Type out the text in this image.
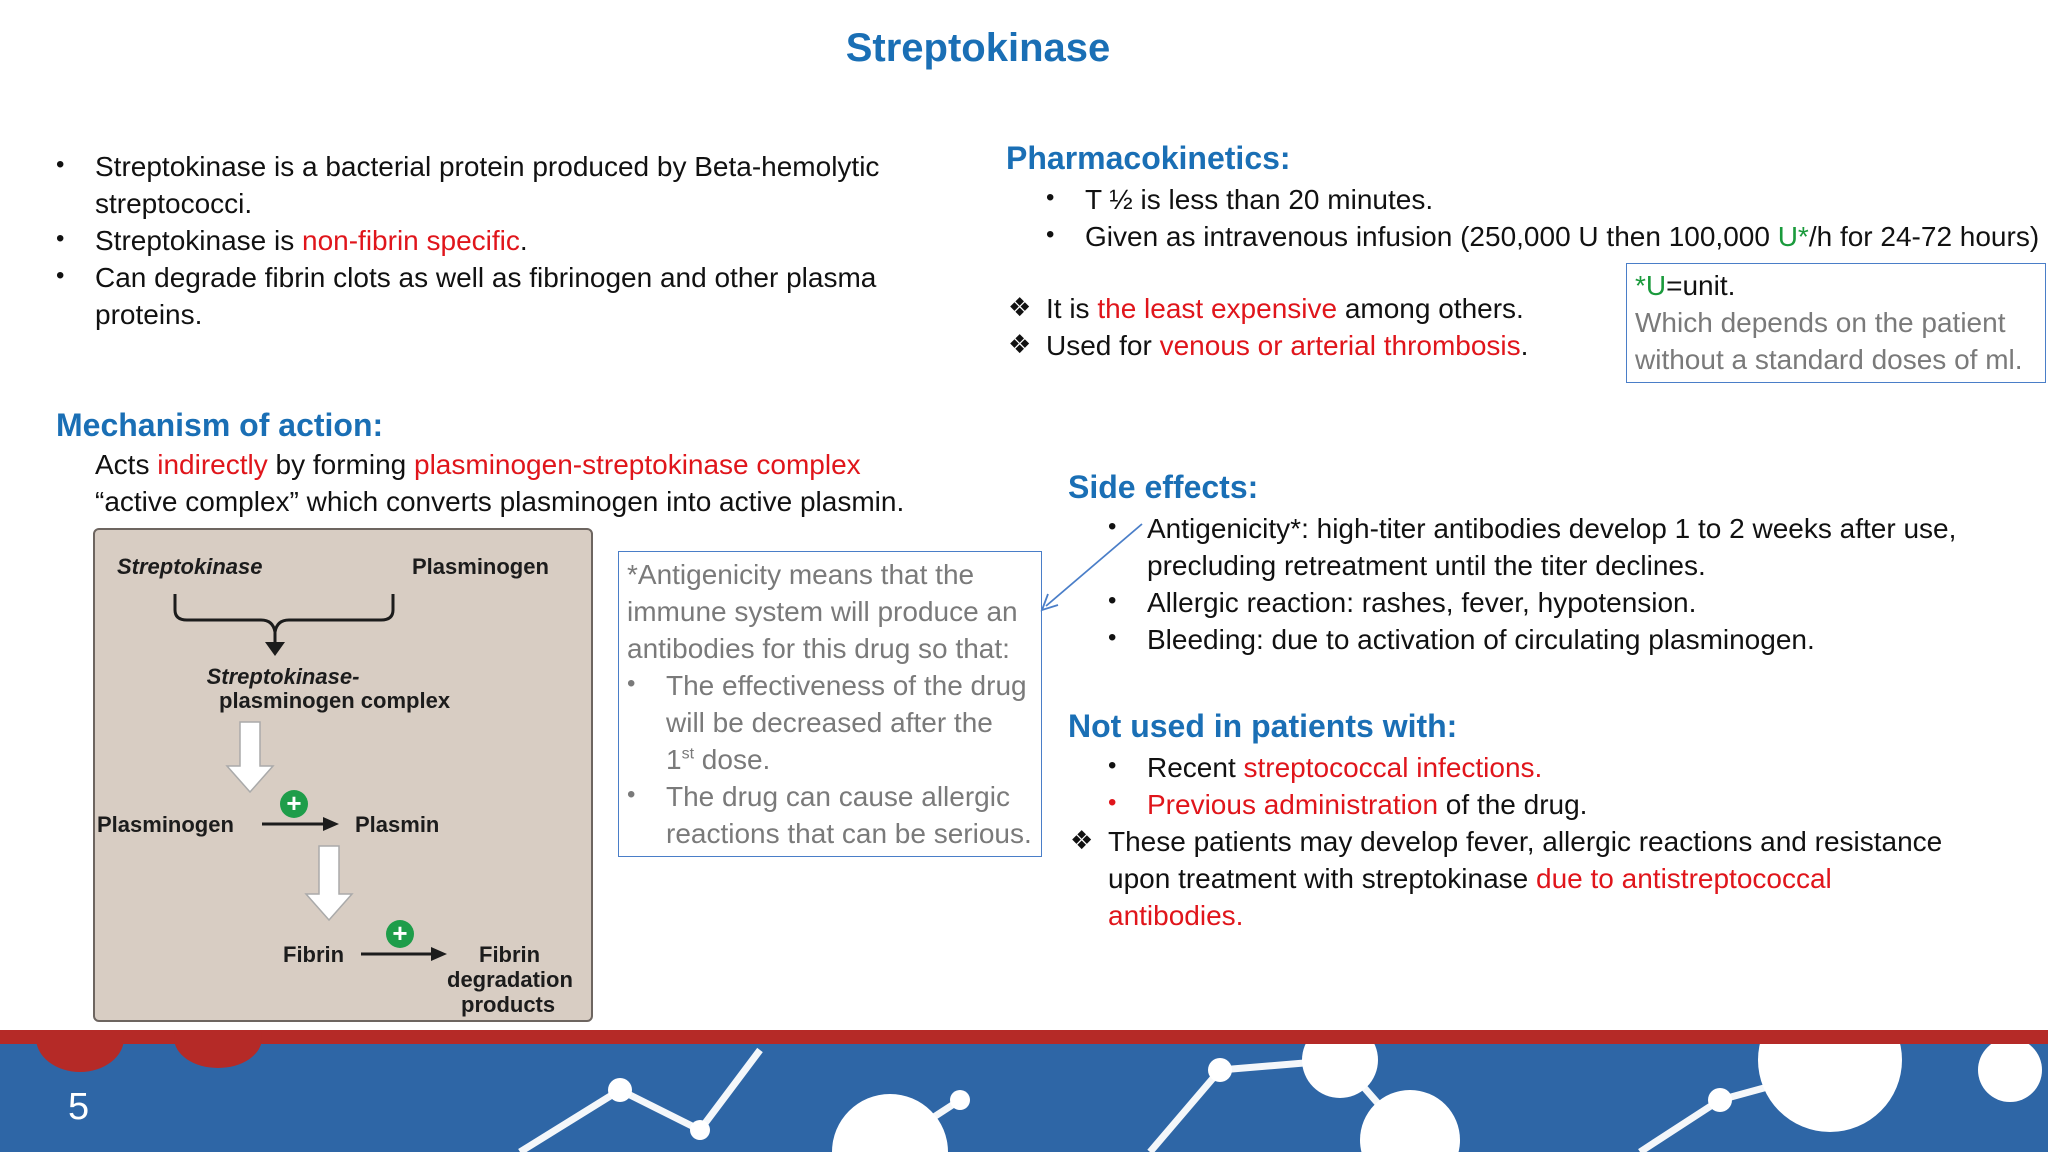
Streptokinase
• Streptokinase is a bacterial protein produced by Beta-hemolytic
streptococci.
• Streptokinase is non-fibrin specific.
• Can degrade fibrin clots as well as fibrinogen and other plasma
proteins.
Pharmacokinetics:
• T ½ is less than 20 minutes.
• Given as intravenous infusion (250,000 U then 100,000 U*/h for 24-72 hours)
❖ It is the least expensive among others.
❖ Used for venous or arterial thrombosis.
*U=unit.
Which depends on the patient
without a standard doses of ml.
Mechanism of action:
Acts indirectly by forming plasminogen-streptokinase complex
“active complex” which converts plasminogen into active plasmin.
Streptokinase	Plasminogen
Streptokinase-
plasminogen complex
+
Plasminogen	Plasmin
+
Fibrin	Fibrin
degradation
products
*Antigenicity means that the
immune system will produce an
antibodies for this drug so that:
• The effectiveness of the drug
will be decreased after the
1st dose.
• The drug can cause allergic
reactions that can be serious.
Side effects:
• Antigenicity*: high-titer antibodies develop 1 to 2 weeks after use,
precluding retreatment until the titer declines.
• Allergic reaction: rashes, fever, hypotension.
• Bleeding: due to activation of circulating plasminogen.
Not used in patients with:
• Recent streptococcal infections.
• Previous administration of the drug.
❖ These patients may develop fever, allergic reactions and resistance
upon treatment with streptokinase due to antistreptococcal
antibodies.
5
